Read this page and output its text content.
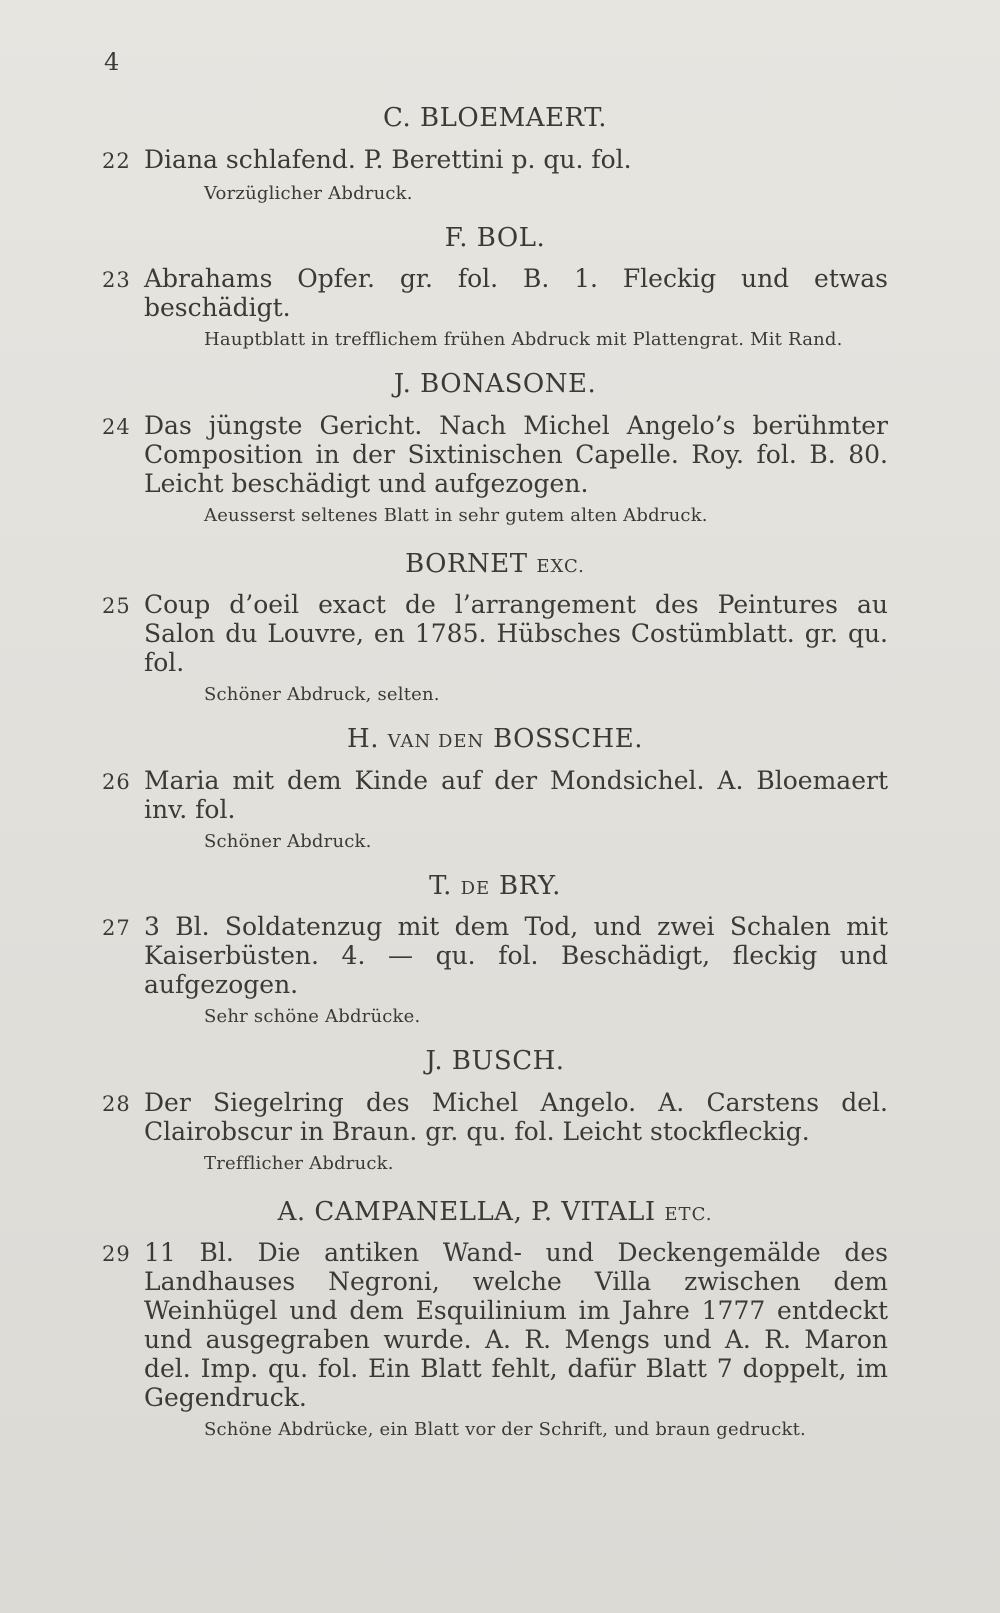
4
C. BLOEMAERT.
22 Diana schlafend. P. Berettini p. qu. fol.
Vorzüglicher Abdruck.
F. BOL.
23 Abrahams Opfer. gr. fol. B. 1. Fleckig und etwas beschädigt.
Hauptblatt in trefflichem frühen Abdruck mit Plattengrat. Mit Rand.
J. BONASONE.
24 Das jüngste Gericht. Nach Michel Angelo’s berühmter Composition in der Sixtinischen Capelle. Roy. fol. B. 80. Leicht beschädigt und aufgezogen.
Aeusserst seltenes Blatt in sehr gutem alten Abdruck.
BORNET EXC.
25 Coup d’oeil exact de l’arrangement des Peintures au Salon du Louvre, en 1785. Hübsches Costümblatt. gr. qu. fol.
Schöner Abdruck, selten.
H. VAN DEN BOSSCHE.
26 Maria mit dem Kinde auf der Mondsichel. A. Bloemaert inv. fol.
Schöner Abdruck.
T. DE BRY.
27 3 Bl. Soldatenzug mit dem Tod, und zwei Schalen mit Kaiserbüsten. 4. — qu. fol. Beschädigt, fleckig und aufgezogen.
Sehr schöne Abdrücke.
J. BUSCH.
28 Der Siegelring des Michel Angelo. A. Carstens del. Clairobscur in Braun. gr. qu. fol. Leicht stockfleckig.
Trefflicher Abdruck.
A. CAMPANELLA, P. VITALI ETC.
29 11 Bl. Die antiken Wand- und Deckengemälde des Landhauses Negroni, welche Villa zwischen dem Weinhügel und dem Esquilinium im Jahre 1777 entdeckt und ausgegraben wurde. A. R. Mengs und A. R. Maron del. Imp. qu. fol. Ein Blatt fehlt, dafür Blatt 7 doppelt, im Gegendruck.
Schöne Abdrücke, ein Blatt vor der Schrift, und braun gedruckt.
